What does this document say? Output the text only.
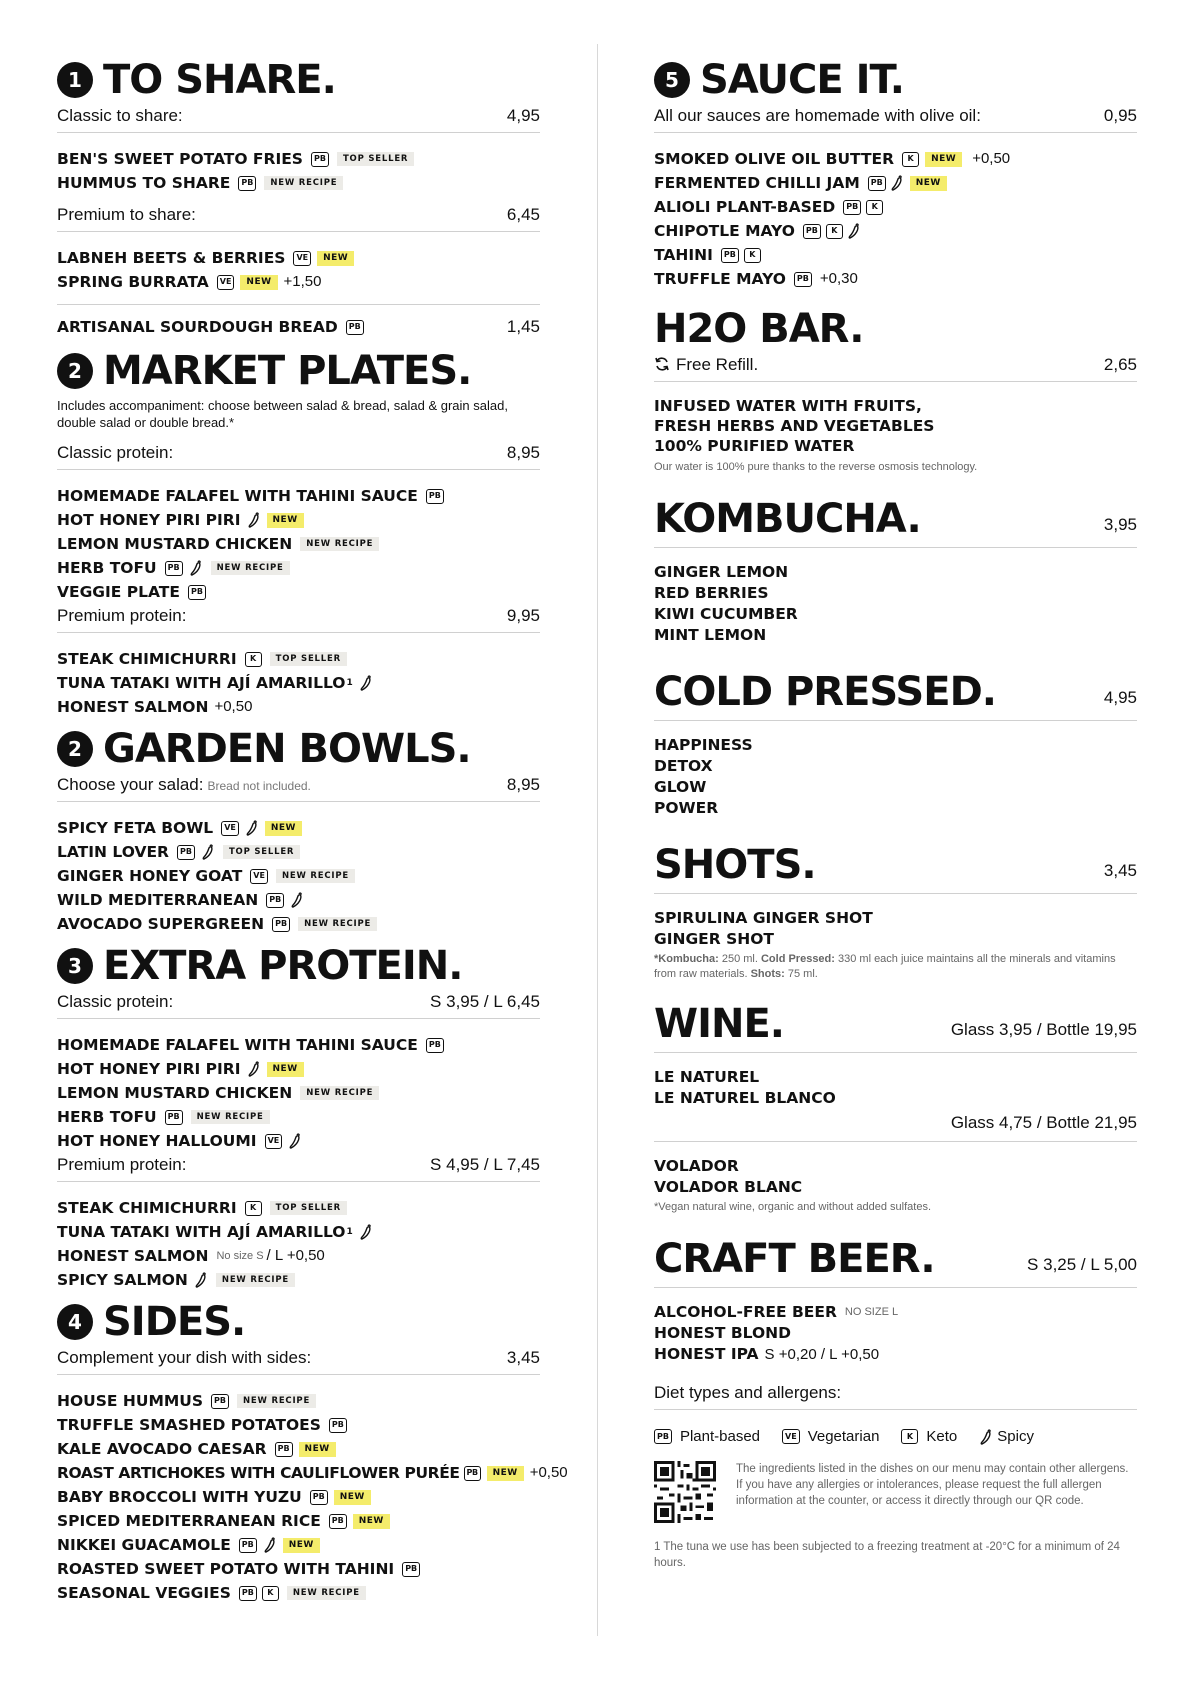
1 TO SHARE.
Classic to share:	4,95
BEN'S SWEET POTATO FRIES	PB	TOP SELLER
HUMMUS TO SHARE	PB	NEW RECIPE
Premium to share:	6,45
LABNEH BEETS & BERRIES	VE	NEW
SPRING BURRATA	VE	NEW +1,50
ARTISANAL SOURDOUGH BREAD	PB	1,45
2 MARKET PLATES.
Includes accompaniment: choose between salad & bread, salad & grain salad, double salad or double bread.*
Classic protein:	8,95
HOMEMADE FALAFEL WITH TAHINI SAUCE	PB
HOT HONEY PIRI PIRI	NEW
LEMON MUSTARD CHICKEN	NEW RECIPE
HERB TOFU	PB	NEW RECIPE
VEGGIE PLATE	PB
Premium protein:	9,95
STEAK CHIMICHURRI	K	TOP SELLER
TUNA TATAKI WITH AJÍ AMARILLO 1
HONEST SALMON +0,50
2 GARDEN BOWLS.
Choose your salad: Bread not included.	8,95
SPICY FETA BOWL	VE	NEW
LATIN LOVER	PB	TOP SELLER
GINGER HONEY GOAT	VE	NEW RECIPE
WILD MEDITERRANEAN	PB
AVOCADO SUPERGREEN	PB	NEW RECIPE
3 EXTRA PROTEIN.
Classic protein:	S 3,95 / L 6,45
HOMEMADE FALAFEL WITH TAHINI SAUCE	PB
HOT HONEY PIRI PIRI	NEW
LEMON MUSTARD CHICKEN	NEW RECIPE
HERB TOFU	PB	NEW RECIPE
HOT HONEY HALLOUMI	VE
Premium protein:	S 4,95 / L 7,45
STEAK CHIMICHURRI	K	TOP SELLER
TUNA TATAKI WITH AJÍ AMARILLO 1
HONEST SALMON No size S / L +0,50
SPICY SALMON	NEW RECIPE
4 SIDES.
Complement your dish with sides:	3,45
HOUSE HUMMUS	PB	NEW RECIPE
TRUFFLE SMASHED POTATOES	PB
KALE AVOCADO CAESAR	PB	NEW
ROAST ARTICHOKES WITH CAULIFLOWER PURÉE PB	NEW +0,50
BABY BROCCOLI WITH YUZU	PB	NEW
SPICED MEDITERRANEAN RICE	PB	NEW
NIKKEI GUACAMOLE	PB	NEW
ROASTED SWEET POTATO WITH TAHINI	PB
SEASONAL VEGGIES	PB	K	NEW RECIPE
5 SAUCE IT.
All our sauces are homemade with olive oil:	0,95
SMOKED OLIVE OIL BUTTER	K	NEW	+0,50
FERMENTED CHILLI JAM	PB	NEW
ALIOLI PLANT-BASED	PB	K
CHIPOTLE MAYO	PB	K
TAHINI	PB	K
TRUFFLE MAYO	PB +0,30
H2O BAR.
Free Refill.	2,65
INFUSED WATER WITH FRUITS,
FRESH HERBS AND VEGETABLES
100% PURIFIED WATER
Our water is 100% pure thanks to the reverse osmosis technology.
KOMBUCHA.	3,95
GINGER LEMON
RED BERRIES
KIWI CUCUMBER
MINT LEMON
COLD PRESSED.	4,95
HAPPINESS
DETOX
GLOW
POWER
SHOTS.	3,45
SPIRULINA GINGER SHOT
GINGER SHOT
*Kombucha: 250 ml. Cold Pressed: 330 ml each juice maintains all the minerals and vitamins from raw materials. Shots: 75 ml.
WINE.	Glass 3,95 / Bottle 19,95
LE NATUREL
LE NATUREL BLANCO
Glass 4,75 / Bottle 21,95
VOLADOR
VOLADOR BLANC
*Vegan natural wine, organic and without added sulfates.
CRAFT BEER.	S 3,25 / L 5,00
ALCOHOL-FREE BEER NO SIZE L
HONEST BLOND
HONEST IPA S +0,20 / L +0,50
Diet types and allergens:
PB Plant-based	VE Vegetarian	K Keto	Spicy
The ingredients listed in the dishes on our menu may contain other allergens. If you have any allergies or intolerances, please request the full allergen information at the counter, or access it directly through our QR code.
1 The tuna we use has been subjected to a freezing treatment at -20°C for a minimum of 24 hours.
